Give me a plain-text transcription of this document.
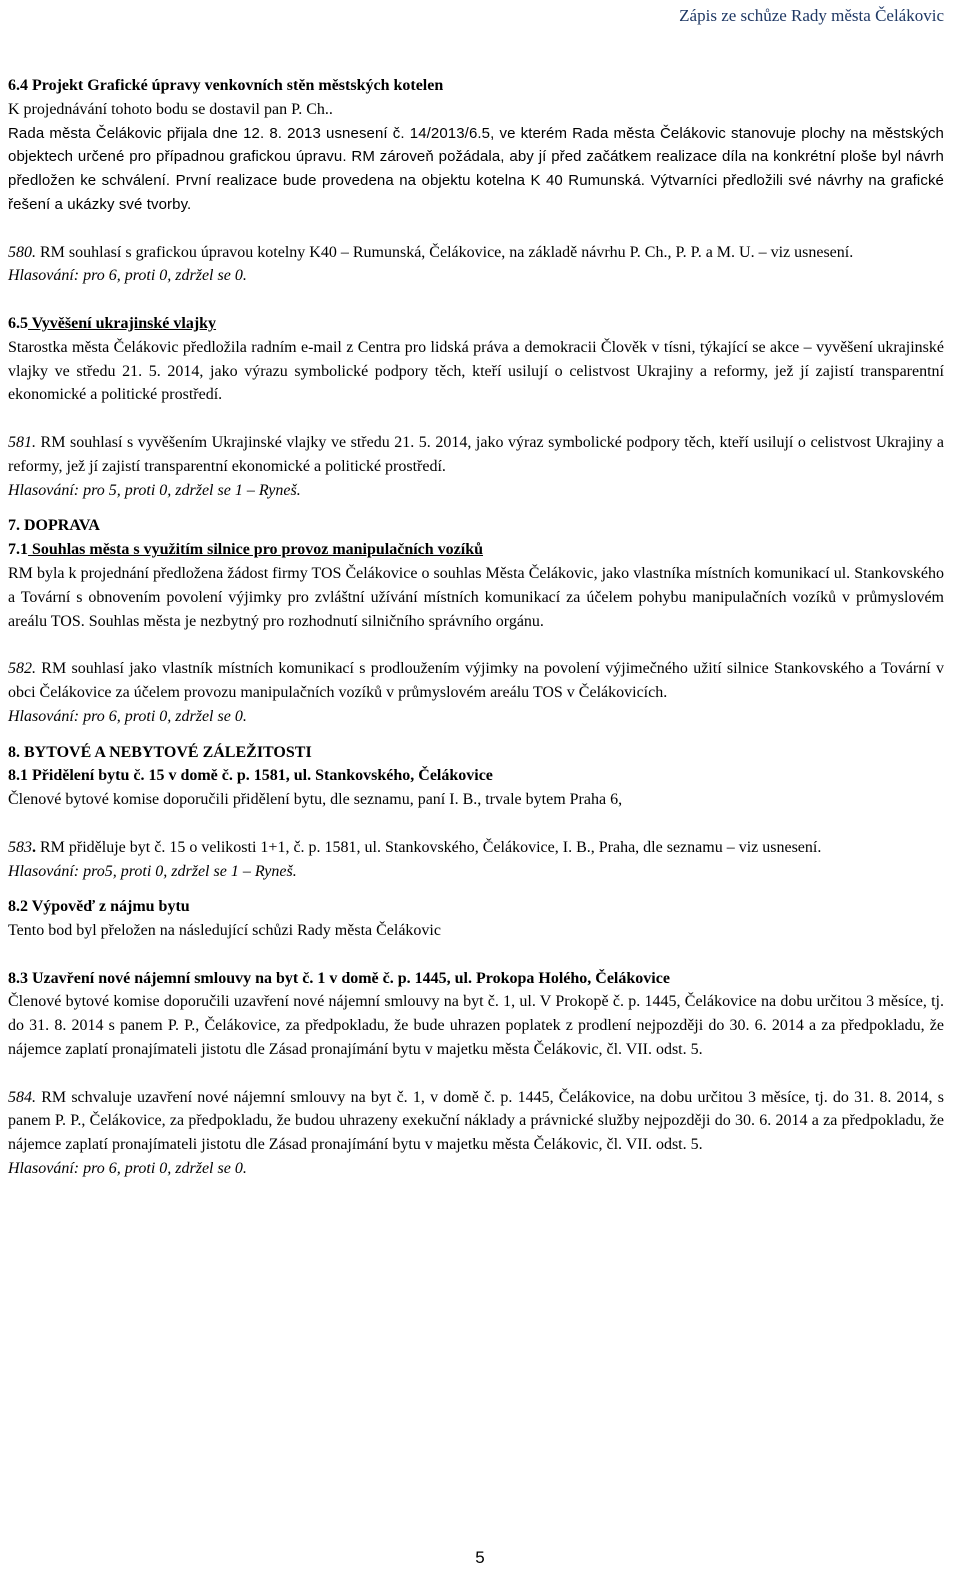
Zápis ze schůze Rady města Čelákovic

6.4 Projekt Grafické úpravy venkovních stěn městských kotelen

K projednávání tohoto bodu se dostavil pan P. Ch..

Rada města Čelákovic přijala dne 12. 8. 2013 usnesení č. 14/2013/6.5, ve kterém Rada města Čelákovic stanovuje plochy na městských objektech určené pro případnou grafickou úpravu. RM zároveň požádala, aby jí před začátkem realizace díla na konkrétní ploše byl návrh předložen ke schválení. První realizace bude provedena na objektu kotelna K 40 Rumunská. Výtvarníci předložili své návrhy na grafické řešení a ukázky své tvorby.

580. RM souhlasí s grafickou úpravou kotelny K40 – Rumunská, Čelákovice, na základě návrhu P. Ch., P. P. a M. U. – viz usnesení.

Hlasování: pro 6, proti 0, zdržel se 0.

6.5 Vyvěšení ukrajinské vlajky

Starostka města Čelákovic předložila radním e-mail z Centra pro lidská práva a demokracii Člověk v tísni, týkající se akce – vyvěšení ukrajinské vlajky ve středu 21. 5. 2014, jako výrazu symbolické podpory těch, kteří usilují o celistvost Ukrajiny a reformy, jež jí zajistí transparentní ekonomické a politické prostředí.

581. RM souhlasí s vyvěšením Ukrajinské vlajky ve středu 21. 5. 2014, jako výraz symbolické podpory těch, kteří usilují o celistvost Ukrajiny a reformy, jež jí zajistí transparentní ekonomické a politické prostředí.

Hlasování: pro 5, proti 0, zdržel se 1 – Ryneš.

7. DOPRAVA

7.1 Souhlas města s využitím silnice pro provoz manipulačních vozíků

RM byla k projednání předložena žádost firmy TOS Čelákovice o souhlas Města Čelákovic, jako vlastníka místních komunikací ul. Stankovského a Tovární s obnovením povolení výjimky pro zvláštní užívání místních komunikací za účelem pohybu manipulačních vozíků v průmyslovém areálu TOS. Souhlas města je nezbytný pro rozhodnutí silničního správního orgánu.

582. RM souhlasí jako vlastník místních komunikací s prodloužením výjimky na povolení výjimečného užití silnice Stankovského a Tovární v obci Čelákovice za účelem provozu manipulačních vozíků v průmyslovém areálu TOS v Čelákovicích.

Hlasování: pro 6, proti 0, zdržel se 0.

8. BYTOVÉ A NEBYTOVÉ ZÁLEŽITOSTI

8.1 Přidělení bytu č. 15 v domě č. p. 1581, ul. Stankovského, Čelákovice

Členové bytové komise doporučili přidělení bytu, dle seznamu, paní I. B., trvale bytem Praha 6,

583. RM přiděluje byt č. 15 o velikosti 1+1, č. p. 1581, ul. Stankovského, Čelákovice, I. B., Praha, dle seznamu – viz usnesení.

Hlasování: pro5, proti 0, zdržel se 1 – Ryneš.

8.2 Výpověď z nájmu bytu

Tento bod byl přeložen na následující schůzi Rady města Čelákovic

8.3 Uzavření nové nájemní smlouvy na byt č. 1 v domě č. p. 1445, ul. Prokopa Holého, Čelákovice

Členové bytové komise doporučili uzavření nové nájemní smlouvy na byt č. 1, ul. V Prokopě č. p. 1445, Čelákovice na dobu určitou 3 měsíce, tj. do 31. 8. 2014 s panem P. P., Čelákovice, za předpokladu, že bude uhrazen poplatek z prodlení nejpozději do 30. 6. 2014 a za předpokladu, že nájemce zaplatí pronajímateli jistotu dle Zásad pronajímání bytu v majetku města Čelákovic, čl. VII. odst. 5.

584. RM schvaluje uzavření nové nájemní smlouvy na byt č. 1, v domě č. p. 1445, Čelákovice, na dobu určitou 3 měsíce, tj. do 31. 8. 2014, s panem P. P., Čelákovice, za předpokladu, že budou uhrazeny exekuční náklady a právnické služby nejpozději do 30. 6. 2014 a za předpokladu, že nájemce zaplatí pronajímateli jistotu dle Zásad pronajímání bytu v majetku města Čelákovic, čl. VII. odst. 5.

Hlasování: pro 6, proti 0, zdržel se 0.

5
